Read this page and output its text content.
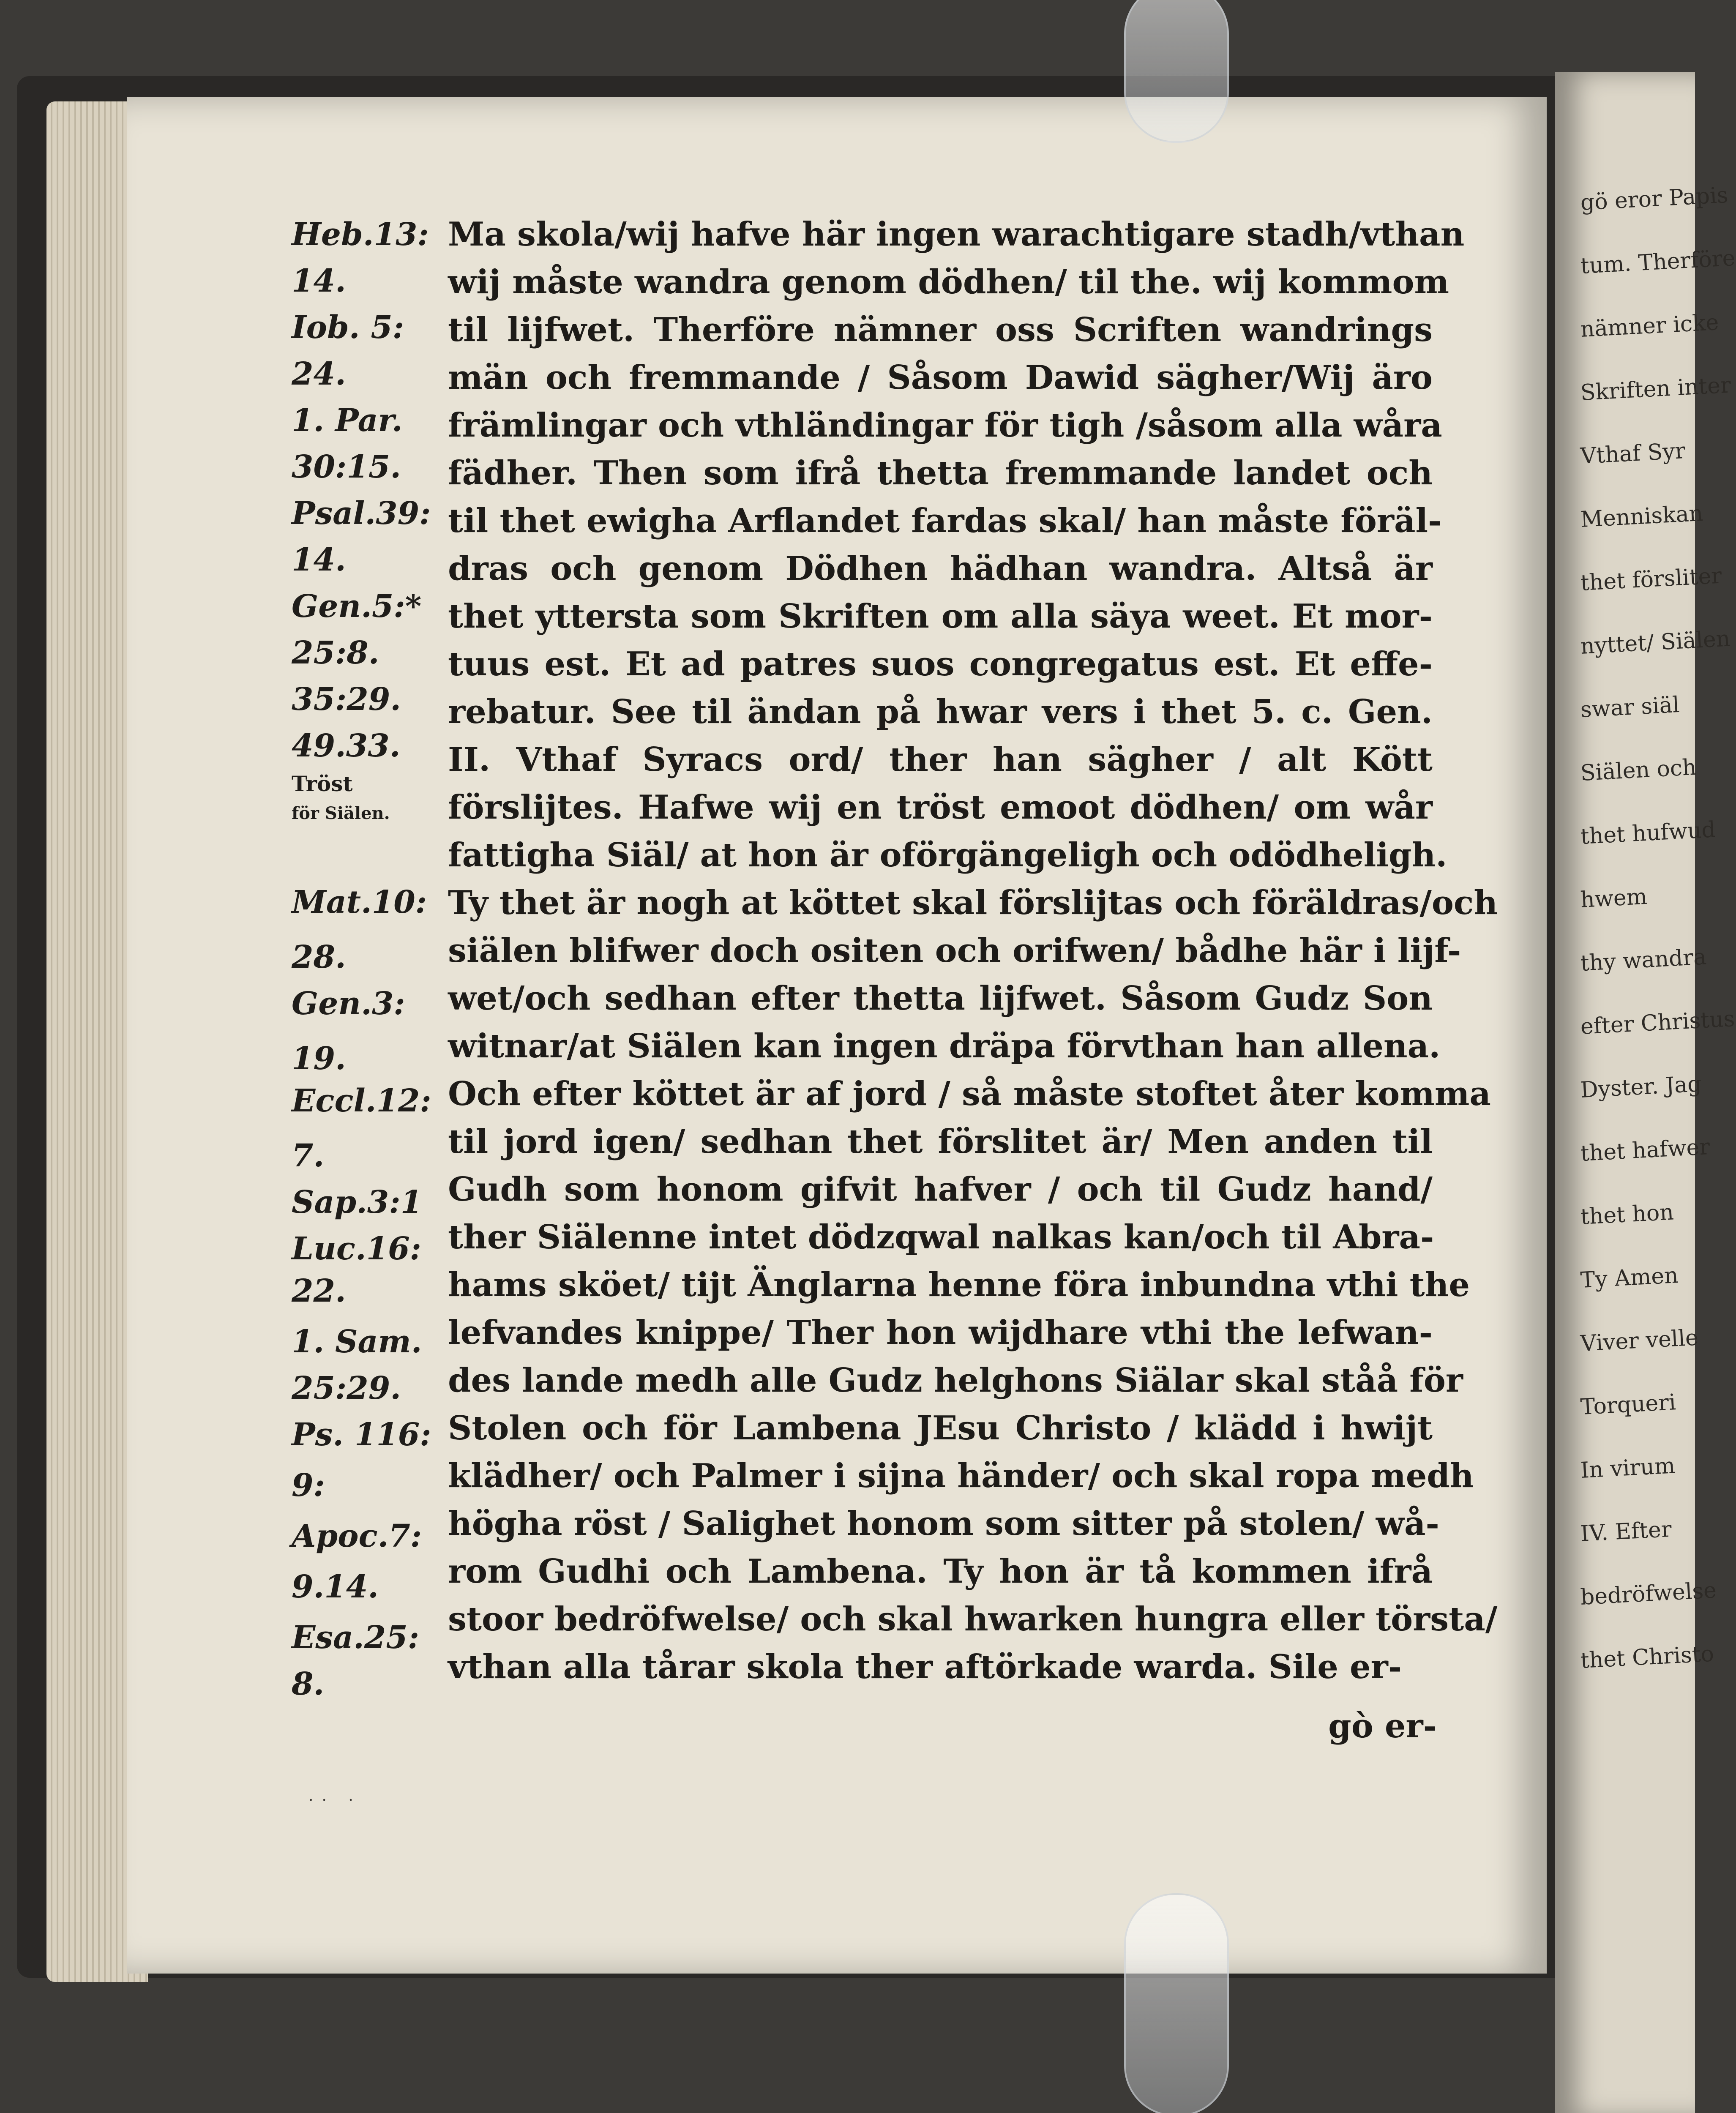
gö eror Papis
tum. Therföre
nämner icke
Skriften inter
Vthaf Syr
Menniskan
thet försliter
nyttet/ Siälen
swar siäl
Siälen och
thet hufwud
hwem
thy wandra
efter Christus
Dyster. Jag
thet hafwer
thet hon
Ty Amen
Viver velle
Torqueri
In virum
IV. Efter
bedröfwelse
thet Christo
Heb.13:
14.
Iob. 5:
24.
1. Par.
30:15.
Psal.39:
14.
Gen.5:*
25:8.
35:29.
49.33.
Tröst
för Siälen.
Mat.10:
28.
Gen.3:
19.
Eccl.12:
7.
Sap.3:1
Luc.16:
22.
1. Sam.
25:29.
Ps. 116:
9:
Apoc.7:
9.14.
Esa.25:
8.
Ma skola/wij hafve här ingen warachtigare stadh/vthan
wij måste wandra genom dödhen/ til the. wij kommom
til lijfwet. Therföre nämner oss Scriften wandrings
män och fremmande / Såsom Dawid sägher/Wij äro
främlingar och vthländingar för tigh /såsom alla wåra
fädher. Then som ifrå thetta fremmande landet och
til thet ewigha Arflandet fardas skal/ han måste föräl-
dras och genom Dödhen hädhan wandra. Altså är
thet yttersta som Skriften om alla säya weet. Et mor-
tuus est. Et ad patres suos congregatus est. Et effe-
rebatur. See til ändan på hwar vers i thet 5. c. Gen.
II. Vthaf Syracs ord/ ther han sägher / alt Kött
förslijtes. Hafwe wij en tröst emoot dödhen/ om wår
fattigha Siäl/ at hon är oförgängeligh och odödheligh.
Ty thet är nogh at köttet skal förslijtas och föräldras/och
siälen blifwer doch ositen och orifwen/ bådhe här i lijf-
wet/och sedhan efter thetta lijfwet. Såsom Gudz Son
witnar/at Siälen kan ingen dräpa förvthan han allena.
Och efter köttet är af jord / så måste stoftet åter komma
til jord igen/ sedhan thet förslitet är/ Men anden til
Gudh som honom gifvit hafver / och til Gudz hand/
ther Siälenne intet dödzqwal nalkas kan/och til Abra-
hams sköet/ tijt Änglarna henne föra inbundna vthi the
lefvandes knippe/ Ther hon wijdhare vthi the lefwan-
des lande medh alle Gudz helghons Siälar skal ståå för
Stolen och för Lambena JEsu Christo / klädd i hwijt
klädher/ och Palmer i sijna händer/ och skal ropa medh
högha röst / Salighet honom som sitter på stolen/ wå-
rom Gudhi och Lambena. Ty hon är tå kommen ifrå
stoor bedröfwelse/ och skal hwarken hungra eller törsta/
vthan alla tårar skola ther aftörkade warda. Sile er-
gò er-
·· ·
